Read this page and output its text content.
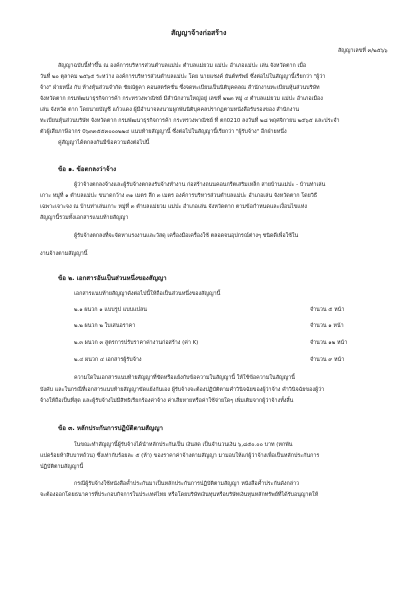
สัญญาจ้างก่อสร้าง
สัญญาเลขที่ ๓/๒๕๖๖
สัญญาฉบับนี้ทำขึ้น ณ องค์การบริหารส่วนตำบลแม่ปะ ตำบลแม่ยวม แม่ปะ อำเภอแม่ปะ เล่น จังหวัดตาก เมื่อ
วันที่ ๒๐ ตุลาคม ๒๕๖๕ ระหว่าง องค์การบริหารส่วนตำบลแม่ปะ โดย นายแชงค์ ยันต์ทรัพย์ ซึ่งต่อไปในสัญญานี้เรียกว่า "ผู้ว่า
จ้าง" ฝ่ายหนึ่ง กับ ห้างหุ้นส่วนจำกัด ชัยณัฐคา คอนสตรัคชั่น ซึ่งจดทะเบียนเป็นนิติบุคคลณ สำนักงานทะเบียนหุ้นส่วนบริษัท
จังหวัดตาก กรมพัฒนาธุรกิจการค้า กระทรวงพาณิชย์ มีสำนักงานใหญ่อยู่ เลขที่ ๒๒๓ หมู่ ๔ ตำบลแม่ยวม แม่ปะ อำเภอเมือง
เล่น จังหวัด ตาก โดยนายบัญชี แก้วแดง ผู้มีอำนาจลงนามผูกพันนิติบุคคลปรากฏตามหนังสือรับรองของ สำนักงาน
ทะเบียนหุ้นส่วนบริษัท จังหวัดตาก กรมพัฒนาธุรกิจการค้า กระทรวงพาณิชย์ ที่ ตก0210 ลงวันที่ ๒๘ พฤศจิกายน ๒๕๖๕ และประจำ
ตัวผู้เสียภาษีอากร 0๖๓๓๕๕๓๐๐๐๒๒๔ แนบท้ายสัญญานี้ ซึ่งต่อไปในสัญญานี้เรียกว่า "ผู้รับจ้าง" อีกฝ่ายหนึ่ง
คู่สัญญาได้ตกลงกันมีข้อความดังต่อไปนี้
ข้อ ๑. ข้อตกลงว่าจ้าง
ผู้ว่าจ้างตกลงจ้างและผู้รับจ้างตกลงรับจ้างทำงาน ก่อสร้างถนนคอนกรีตเสริมเหล็ก สายบ้านแม่ปะ - บ้านท่าเล่น
เกาะ หมู่ที่ ๑ ตำบลแม่ปะ ขนาดกว้าง ๓๑ เมตร ลึก ๓ เมตร องค์การบริหารส่วนตำบลแม่ปะ อำเภอเล่น จังหวัดตาก โดยวิธี
เฉพาะเจาะจง ณ บ้านท่าเล่นเกาะ หมู่ที่ ๓ ตำบลแม่ยวม แม่ปะ อำเภอเล่น จังหวัดตาก ตามข้อกำหนดและเงื่อนไขแห่ง
สัญญานี้รวมทั้งเอกสารแนบท้ายสัญญา
ผู้รับจ้างตกลงที่จะจัดหาแรงงานและวัสดุ เครื่องมือเครื่องใช้ ตลอดจนอุปกรณ์ต่างๆ ชนิดดีเพื่อใช้ใน
งานจ้างตามสัญญานี้
ข้อ ๒. เอกสารอันเป็นส่วนหนึ่งของสัญญา
เอกสารแนบท้ายสัญญาดังต่อไปนี้ให้ถือเป็นส่วนหนึ่งของสัญญานี้
๒.๑ ผนวก ๑ แบบรูป แบบแปลน	จำนวน ๕ หน้า
๒.๒ ผนวก ๒ ใบเสนอราคา	จำนวน ๑ หน้า
๒.๓ ผนวก ๓ สูตรการปรับราคาค่างานก่อสร้าง (ค่า K)	จำนวน ๑๒ หน้า
๒.๔ ผนวก ๔ เอกสารผู้รับจ้าง	จำนวน ๙ หน้า
ความใดในเอกสารแนบท้ายสัญญาที่ขัดหรือแย้งกับข้อความในสัญญานี้ ให้ใช้ข้อความในสัญญานี้
บังคับ และในกรณีที่เอกสารแนบท้ายสัญญาขัดแย้งกันเอง ผู้รับจ้างจะต้องปฏิบัติตามคำวินิจฉัยของผู้ว่าจ้าง คำวินิจฉัยของผู้ว่า
จ้างให้ถือเป็นที่สุด และผู้รับจ้างไม่มีสิทธิเรียกร้องค่าจ้าง ค่าเสียหายหรือค่าใช้จ่ายใดๆ เพิ่มเติมจากผู้ว่าจ้างทั้งสิ้น
ข้อ ๓. หลักประกันการปฏิบัติตามสัญญา
ในขณะทำสัญญานี้ผู้รับจ้างได้นำหลักประกันเป็น เงินสด เป็นจำนวนเงิน ๖,๘๕๐.๐๐ บาท (หกพัน
แปดร้อยห้าสิบบาทถ้วน) ซึ่งเท่ากับร้อยละ ๕ (ห้า) ของราคาค่าจ้างตามสัญญา มามอบให้แก่ผู้ว่าจ้างเพื่อเป็นหลักประกันการ
ปฏิบัติตามสัญญานี้
กรณีผู้รับจ้างใช้หนังสือค้ำประกันมาเป็นหลักประกันการปฏิบัติตามสัญญา หนังสือค้ำประกันดังกล่าว
จะต้องออกโดยธนาคารที่ประกอบกิจการในประเทศไทย หรือโดยบริษัทเงินทุนหรือบริษัทเงินทุนหลักทรัพย์ที่ได้รับอนุญาตให้
